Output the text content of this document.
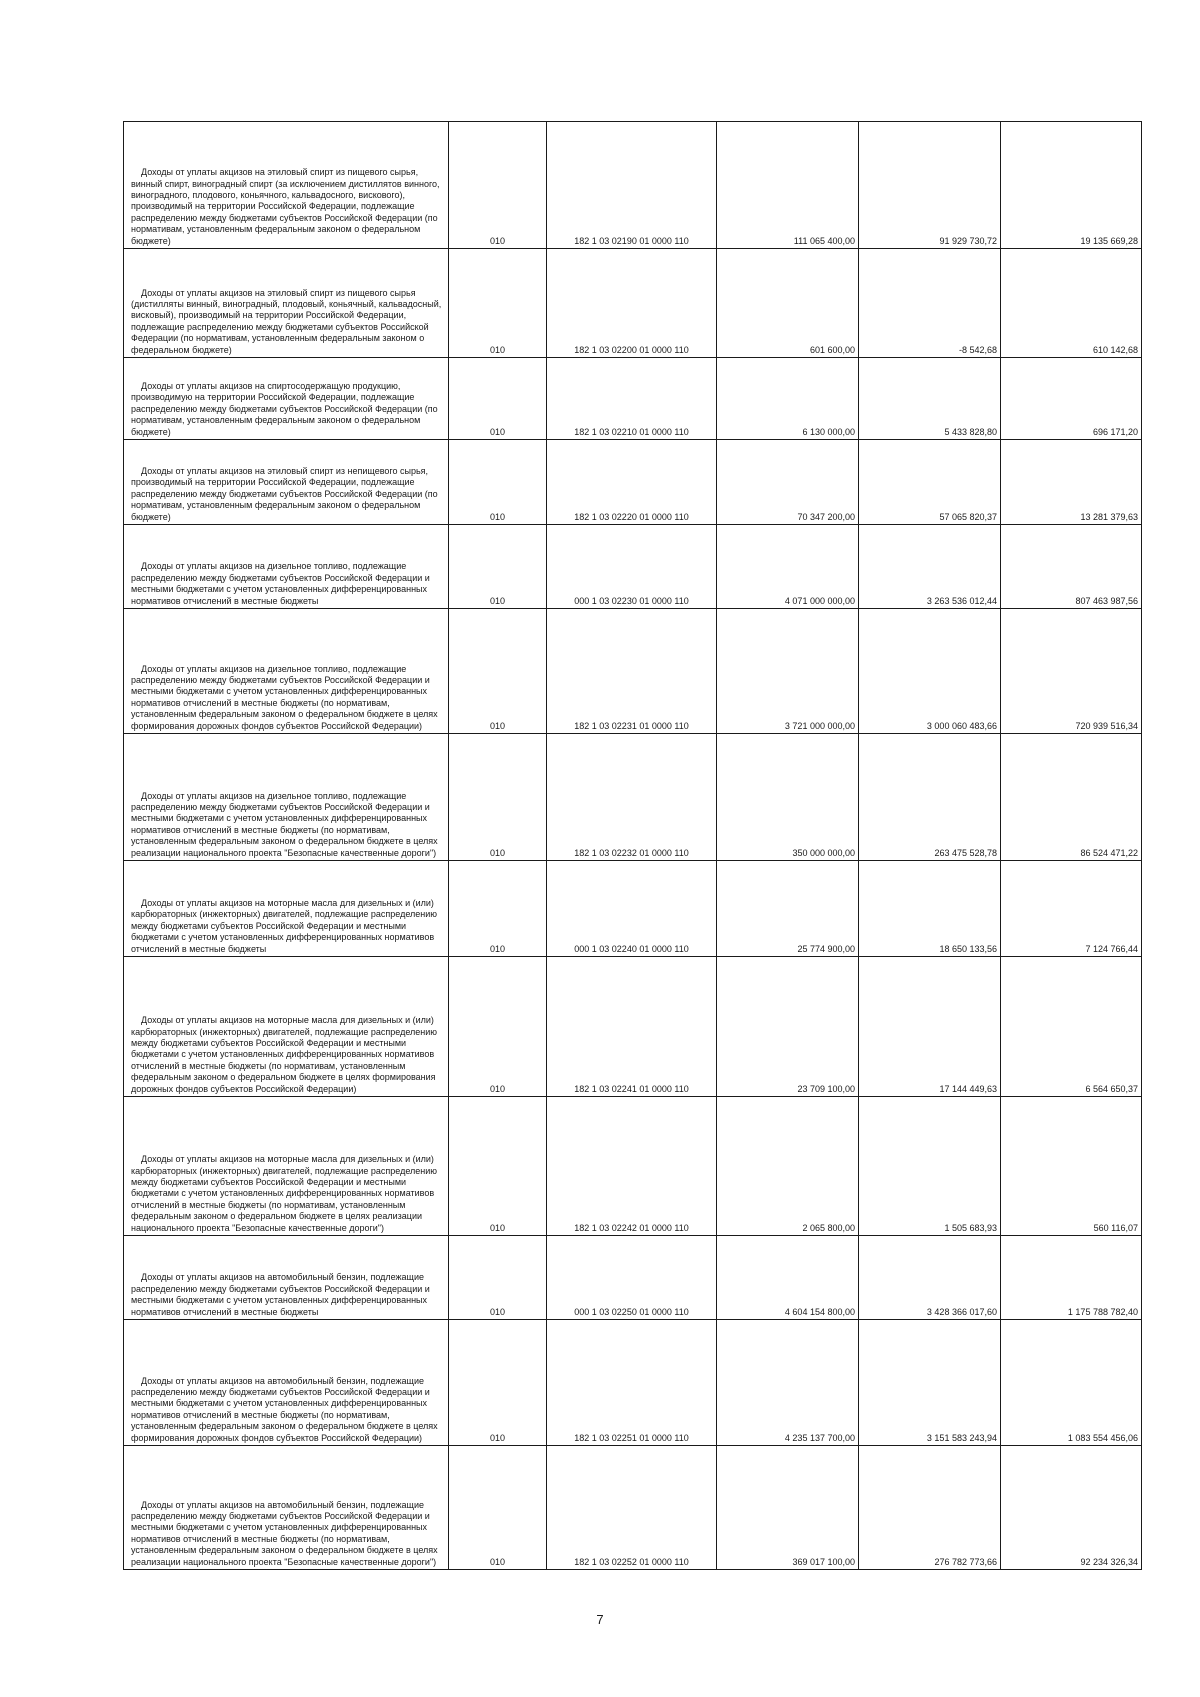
Доходы от уплаты акцизов на этиловый спирт из пищевого сырья, винный спирт, виноградный спирт (за исключением дистиллятов винного, виноградного, плодового, коньячного, кальвадосного, вискового), производимый на территории Российской Федерации, подлежащие распределению между бюджетами субъектов Российской Федерации (по нормативам, установленным федеральным законом о федеральном бюджете)	010	182 1 03 02190 01 0000 110	111 065 400,00	91 929 730,72	19 135 669,28
Доходы от уплаты акцизов на этиловый спирт из пищевого сырья (дистилляты винный, виноградный, плодовый, коньячный, кальвадосный, висковый), производимый на территории Российской Федерации, подлежащие распределению между бюджетами субъектов Российской Федерации (по нормативам, установленным федеральным законом о федеральном бюджете)	010	182 1 03 02200 01 0000 110	601 600,00	-8 542,68	610 142,68
Доходы от уплаты акцизов на спиртосодержащую продукцию, производимую на территории Российской Федерации, подлежащие распределению между бюджетами субъектов Российской Федерации (по нормативам, установленным федеральным законом о федеральном бюджете)	010	182 1 03 02210 01 0000 110	6 130 000,00	5 433 828,80	696 171,20
Доходы от уплаты акцизов на этиловый спирт из непищевого сырья, производимый на территории Российской Федерации, подлежащие распределению между бюджетами субъектов Российской Федерации (по нормативам, установленным федеральным законом о федеральном бюджете)	010	182 1 03 02220 01 0000 110	70 347 200,00	57 065 820,37	13 281 379,63
Доходы от уплаты акцизов на дизельное топливо, подлежащие распределению между бюджетами субъектов Российской Федерации и местными бюджетами с учетом установленных дифференцированных нормативов отчислений в местные бюджеты	010	000 1 03 02230 01 0000 110	4 071 000 000,00	3 263 536 012,44	807 463 987,56
Доходы от уплаты акцизов на дизельное топливо, подлежащие распределению между бюджетами субъектов Российской Федерации и местными бюджетами с учетом установленных дифференцированных нормативов отчислений в местные бюджеты (по нормативам, установленным федеральным законом о федеральном бюджете в целях формирования дорожных фондов субъектов Российской Федерации)	010	182 1 03 02231 01 0000 110	3 721 000 000,00	3 000 060 483,66	720 939 516,34
Доходы от уплаты акцизов на дизельное топливо, подлежащие распределению между бюджетами субъектов Российской Федерации и местными бюджетами с учетом установленных дифференцированных нормативов отчислений в местные бюджеты (по нормативам, установленным федеральным законом о федеральном бюджете в целях реализации национального проекта "Безопасные качественные дороги")	010	182 1 03 02232 01 0000 110	350 000 000,00	263 475 528,78	86 524 471,22
Доходы от уплаты акцизов на моторные масла для дизельных и (или) карбюраторных (инжекторных) двигателей, подлежащие распределению между бюджетами субъектов Российской Федерации и местными бюджетами с учетом установленных дифференцированных нормативов отчислений в местные бюджеты	010	000 1 03 02240 01 0000 110	25 774 900,00	18 650 133,56	7 124 766,44
Доходы от уплаты акцизов на моторные масла для дизельных и (или) карбюраторных (инжекторных) двигателей, подлежащие распределению между бюджетами субъектов Российской Федерации и местными бюджетами с учетом установленных дифференцированных нормативов отчислений в местные бюджеты (по нормативам, установленным федеральным законом о федеральном бюджете в целях формирования дорожных фондов субъектов Российской Федерации)	010	182 1 03 02241 01 0000 110	23 709 100,00	17 144 449,63	6 564 650,37
Доходы от уплаты акцизов на моторные масла для дизельных и (или) карбюраторных (инжекторных) двигателей, подлежащие распределению между бюджетами субъектов Российской Федерации и местными бюджетами с учетом установленных дифференцированных нормативов отчислений в местные бюджеты (по нормативам, установленным федеральным законом о федеральном бюджете в целях реализации национального проекта "Безопасные качественные дороги")	010	182 1 03 02242 01 0000 110	2 065 800,00	1 505 683,93	560 116,07
Доходы от уплаты акцизов на автомобильный бензин, подлежащие распределению между бюджетами субъектов Российской Федерации и местными бюджетами с учетом установленных дифференцированных нормативов отчислений в местные бюджеты	010	000 1 03 02250 01 0000 110	4 604 154 800,00	3 428 366 017,60	1 175 788 782,40
Доходы от уплаты акцизов на автомобильный бензин, подлежащие распределению между бюджетами субъектов Российской Федерации и местными бюджетами с учетом установленных дифференцированных нормативов отчислений в местные бюджеты (по нормативам, установленным федеральным законом о федеральном бюджете в целях формирования дорожных фондов субъектов Российской Федерации)	010	182 1 03 02251 01 0000 110	4 235 137 700,00	3 151 583 243,94	1 083 554 456,06
Доходы от уплаты акцизов на автомобильный бензин, подлежащие распределению между бюджетами субъектов Российской Федерации и местными бюджетами с учетом установленных дифференцированных нормативов отчислений в местные бюджеты (по нормативам, установленным федеральным законом о федеральном бюджете в целях реализации национального проекта "Безопасные качественные дороги")	010	182 1 03 02252 01 0000 110	369 017 100,00	276 782 773,66	92 234 326,34
7
